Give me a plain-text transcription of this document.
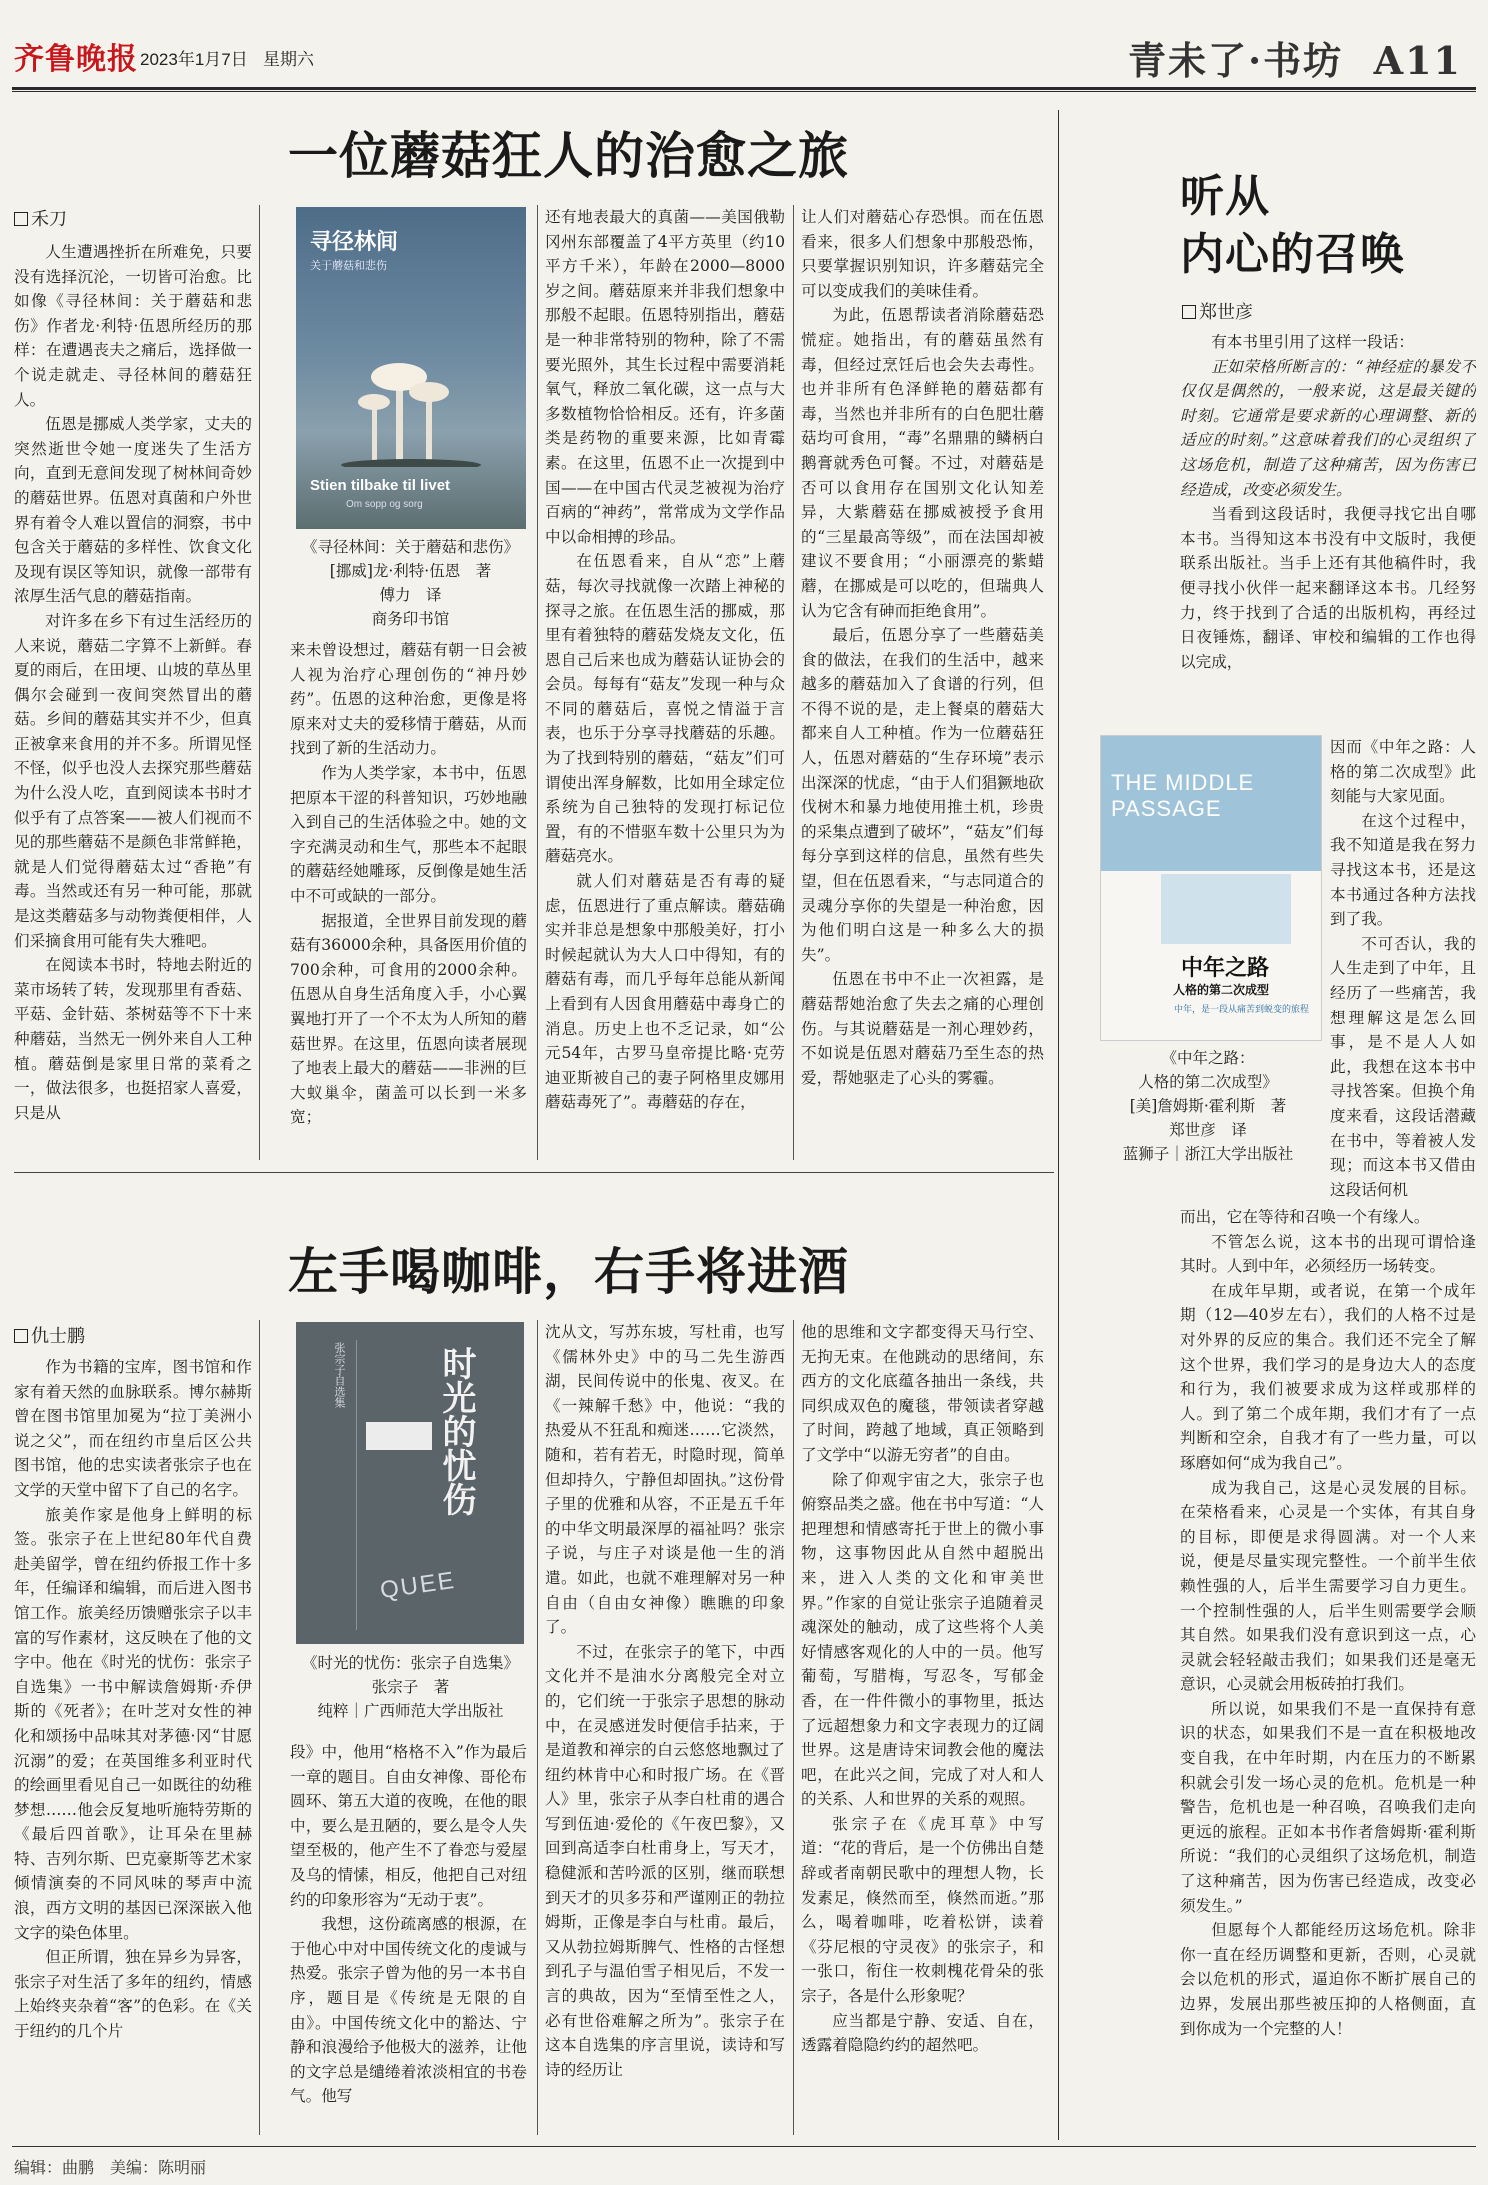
齐鲁晚报 2023年1月7日 星期六	青未了·书坊  A11
一位蘑菇狂人的治愈之旅
禾刀

人生遭遇挫折在所难免，只要没有选择沉沦，一切皆可治愈。比如像《寻径林间：关于蘑菇和悲伤》作者龙·利特·伍恩所经历的那样：在遭遇丧夫之痛后，选择做一个说走就走、寻径林间的蘑菇狂人。

伍恩是挪威人类学家，丈夫的突然逝世令她一度迷失了生活方向，直到无意间发现了树林间奇妙的蘑菇世界。伍恩对真菌和户外世界有着令人难以置信的洞察，书中包含关于蘑菇的多样性、饮食文化及现有误区等知识，就像一部带有浓厚生活气息的蘑菇指南。

对许多在乡下有过生活经历的人来说，蘑菇二字算不上新鲜。春夏的雨后，在田埂、山坡的草丛里偶尔会碰到一夜间突然冒出的蘑菇。乡间的蘑菇其实并不少，但真正被拿来食用的并不多。所谓见怪不怪，似乎也没人去探究那些蘑菇为什么没人吃，直到阅读本书时才似乎有了点答案——被人们视而不见的那些蘑菇不是颜色非常鲜艳，就是人们觉得蘑菇太过“香艳”有毒。当然或还有另一种可能，那就是这类蘑菇多与动物粪便相伴，人们采摘食用可能有失大雅吧。

在阅读本书时，特地去附近的菜市场转了转，发现那里有香菇、平菇、金针菇、茶树菇等不下十来种蘑菇，当然无一例外来自人工种植。蘑菇倒是家里日常的菜肴之一，做法很多，也挺招家人喜爱，只是从

寻径林间
关于蘑菇和悲伤
Stien tilbake til livet
Om sopp og sorg
《寻径林间：关于蘑菇和悲伤》
[挪威]龙·利特·伍恩　著
傅力　译
商务印书馆

来未曾设想过，蘑菇有朝一日会被人视为治疗心理创伤的“神丹妙药”。伍恩的这种治愈，更像是将原来对丈夫的爱移情于蘑菇，从而找到了新的生活动力。

作为人类学家，本书中，伍恩把原本干涩的科普知识，巧妙地融入到自己的生活体验之中。她的文字充满灵动和生气，那些本不起眼的蘑菇经她雕琢，反倒像是她生活中不可或缺的一部分。

据报道，全世界目前发现的蘑菇有36000余种，具备医用价值的700余种，可食用的2000余种。伍恩从自身生活角度入手，小心翼翼地打开了一个不太为人所知的蘑菇世界。在这里，伍恩向读者展现了地表上最大的蘑菇——非洲的巨大蚁巢伞，菌盖可以长到一米多宽；

还有地表最大的真菌——美国俄勒冈州东部覆盖了4平方英里（约10平方千米），年龄在2000—8000岁之间。蘑菇原来并非我们想象中那般不起眼。伍恩特别指出，蘑菇是一种非常特别的物种，除了不需要光照外，其生长过程中需要消耗氧气，释放二氧化碳，这一点与大多数植物恰恰相反。还有，许多菌类是药物的重要来源，比如青霉素。在这里，伍恩不止一次提到中国——在中国古代灵芝被视为治疗百病的“神药”，常常成为文学作品中以命相搏的珍品。

在伍恩看来，自从“恋”上蘑菇，每次寻找就像一次踏上神秘的探寻之旅。在伍恩生活的挪威，那里有着独特的蘑菇发烧友文化，伍恩自己后来也成为蘑菇认证协会的会员。每每有“菇友”发现一种与众不同的蘑菇后，喜悦之情溢于言表，也乐于分享寻找蘑菇的乐趣。为了找到特别的蘑菇，“菇友”们可谓使出浑身解数，比如用全球定位系统为自己独特的发现打标记位置，有的不惜驱车数十公里只为为蘑菇亮水。

就人们对蘑菇是否有毒的疑虑，伍恩进行了重点解读。蘑菇确实并非总是想象中那般美好，打小时候起就认为大人口中得知，有的蘑菇有毒，而几乎每年总能从新闻上看到有人因食用蘑菇中毒身亡的消息。历史上也不乏记录，如“公元54年，古罗马皇帝提比略·克劳迪亚斯被自己的妻子阿格里皮娜用蘑菇毒死了”。毒蘑菇的存在，

让人们对蘑菇心存恐惧。而在伍恩看来，很多人们想象中那般恐怖，只要掌握识别知识，许多蘑菇完全可以变成我们的美味佳肴。

为此，伍恩帮读者消除蘑菇恐慌症。她指出，有的蘑菇虽然有毒，但经过烹饪后也会失去毒性。也并非所有色泽鲜艳的蘑菇都有毒，当然也并非所有的白色肥壮蘑菇均可食用，“毒”名鼎鼎的鳞柄白鹅膏就秀色可餐。不过，对蘑菇是否可以食用存在国别文化认知差异，大紫蘑菇在挪威被授予食用的“三星最高等级”，而在法国却被建议不要食用；“小丽漂亮的紫蜡蘑，在挪威是可以吃的，但瑞典人认为它含有砷而拒绝食用”。

最后，伍恩分享了一些蘑菇美食的做法，在我们的生活中，越来越多的蘑菇加入了食谱的行列，但不得不说的是，走上餐桌的蘑菇大都来自人工种植。作为一位蘑菇狂人，伍恩对蘑菇的“生存环境”表示出深深的忧虑，“由于人们猖獗地砍伐树木和暴力地使用推土机，珍贵的采集点遭到了破坏”，“菇友”们每每分享到这样的信息，虽然有些失望，但在伍恩看来，“与志同道合的灵魂分享你的失望是一种治愈，因为他们明白这是一种多么大的损失”。

伍恩在书中不止一次袒露，是蘑菇帮她治愈了失去之痛的心理创伤。与其说蘑菇是一剂心理妙药，不如说是伍恩对蘑菇乃至生态的热爱，帮她驱走了心头的雾霾。

左手喝咖啡，右手将进酒
仇士鹏

作为书籍的宝库，图书馆和作家有着天然的血脉联系。博尔赫斯曾在图书馆里加冕为“拉丁美洲小说之父”，而在纽约市皇后区公共图书馆，他的忠实读者张宗子也在文学的天堂中留下了自己的名字。

旅美作家是他身上鲜明的标签。张宗子在上世纪80年代自费赴美留学，曾在纽约侨报工作十多年，任编译和编辑，而后进入图书馆工作。旅美经历馈赠张宗子以丰富的写作素材，这反映在了他的文字中。他在《时光的忧伤：张宗子自选集》一书中解读詹姆斯·乔伊斯的《死者》；在叶芝对女性的神化和颂扬中品味其对茅德·冈“甘愿沉溺”的爱；在英国维多利亚时代的绘画里看见自己一如既往的幼稚梦想……他会反复地听施特劳斯的《最后四首歌》，让耳朵在里赫特、吉列尔斯、巴克豪斯等艺术家倾情演奏的不同风味的琴声中流浪，西方文明的基因已深深嵌入他文字的染色体里。

但正所谓，独在异乡为异客，张宗子对生活了多年的纽约，情感上始终夹杂着“客”的色彩。在《关于纽约的几个片

张宗子自选集	时光的忧伤
QUEE
《时光的忧伤：张宗子自选集》
张宗子　著
纯粹｜广西师范大学出版社

段》中，他用“格格不入”作为最后一章的题目。自由女神像、哥伦布圆环、第五大道的夜晚，在他的眼中，要么是丑陋的，要么是令人失望至极的，他产生不了眷恋与爱屋及乌的情愫，相反，他把自己对纽约的印象形容为“无动于衷”。

我想，这份疏离感的根源，在于他心中对中国传统文化的虔诚与热爱。张宗子曾为他的另一本书自序，题目是《传统是无限的自由》。中国传统文化中的豁达、宁静和浪漫给予他极大的滋养，让他的文字总是缱绻着浓淡相宜的书卷气。他写

沈从文，写苏东坡，写杜甫，也写《儒林外史》中的马二先生游西湖，民间传说中的伥鬼、夜叉。在《一辣解千愁》中，他说：“我的热爱从不狂乱和痴迷……它淡然，随和，若有若无，时隐时现，简单但却持久，宁静但却固执。”这份骨子里的优雅和从容，不正是五千年的中华文明最深厚的福祉吗？张宗子说，与庄子对谈是他一生的消遣。如此，也就不难理解对另一种自由（自由女神像）瞧瞧的印象了。

不过，在张宗子的笔下，中西文化并不是油水分离般完全对立的，它们统一于张宗子思想的脉动中，在灵感迸发时便信手拈来，于是道教和禅宗的白云悠悠地飘过了纽约林肯中心和时报广场。在《晋人》里，张宗子从李白杜甫的遇合写到伍迪·爱伦的《午夜巴黎》，又回到高适李白杜甫身上，写天才，稳健派和苦吟派的区别，继而联想到天才的贝多芬和严谨刚正的勃拉姆斯，正像是李白与杜甫。最后，又从勃拉姆斯脾气、性格的古怪想到孔子与温伯雪子相见后，不发一言的典故，因为“至情至性之人，必有世俗难解之所为”。张宗子在这本自选集的序言里说，读诗和写诗的经历让

他的思维和文字都变得天马行空、无拘无束。在他跳动的思绪间，东西方的文化底蕴各抽出一条线，共同织成双色的魔毯，带领读者穿越了时间，跨越了地域，真正领略到了文学中“以游无穷者”的自由。

除了仰观宇宙之大，张宗子也俯察品类之盛。他在书中写道：“人把理想和情感寄托于世上的微小事物，这事物因此从自然中超脱出来，进入人类的文化和审美世界。”作家的自觉让张宗子追随着灵魂深处的触动，成了这些将个人美好情感客观化的人中的一员。他写葡萄，写腊梅，写忍冬，写郁金香，在一件件微小的事物里，抵达了远超想象力和文字表现力的辽阔世界。这是唐诗宋词教会他的魔法吧，在此兴之间，完成了对人和人的关系、人和世界的关系的观照。

张宗子在《虎耳草》中写道：“花的背后，是一个仿佛出自楚辞或者南朝民歌中的理想人物，长发素足，倏然而至，倏然而逝。”那么，喝着咖啡，吃着松饼，读着《芬尼根的守灵夜》的张宗子，和一张口，衔住一枚刺槐花骨朵的张宗子，各是什么形象呢？

应当都是宁静、安适、自在，透露着隐隐约约的超然吧。

听从
内心的召唤
郑世彦

有本书里引用了这样一段话：

正如荣格所断言的：“神经症的暴发不仅仅是偶然的，一般来说，这是最关键的时刻。它通常是要求新的心理调整、新的适应的时刻。”这意味着我们的心灵组织了这场危机，制造了这种痛苦，因为伤害已经造成，改变必须发生。

当看到这段话时，我便寻找它出自哪本书。当得知这本书没有中文版时，我便联系出版社。当手上还有其他稿件时，我便寻找小伙伴一起来翻译这本书。几经努力，终于找到了合适的出版机构，再经过日夜锤炼，翻译、审校和编辑的工作也得以完成，

THE MIDDLE
PASSAGE
中年之路
人格的第二次成型
中年，是一段从痛苦到蜕变的旅程
《中年之路：
人格的第二次成型》
[美]詹姆斯·霍利斯　著
郑世彦　译
蓝狮子｜浙江大学出版社

因而《中年之路：人格的第二次成型》此刻能与大家见面。

在这个过程中，我不知道是我在努力寻找这本书，还是这本书通过各种方法找到了我。

不可否认，我的人生走到了中年，且经历了一些痛苦，我想理解这是怎么回事，是不是人人如此，我想在这本书中寻找答案。但换个角度来看，这段话潜藏在书中，等着被人发现；而这本书又借由这段话何机

而出，它在等待和召唤一个有缘人。

不管怎么说，这本书的出现可谓恰逢其时。人到中年，必须经历一场转变。

在成年早期，或者说，在第一个成年期（12—40岁左右），我们的人格不过是对外界的反应的集合。我们还不完全了解这个世界，我们学习的是身边大人的态度和行为，我们被要求成为这样或那样的人。到了第二个成年期，我们才有了一点判断和空余，自我才有了一些力量，可以琢磨如何“成为我自己”。

成为我自己，这是心灵发展的目标。在荣格看来，心灵是一个实体，有其自身的目标，即便是求得圆满。对一个人来说，便是尽量实现完整性。一个前半生依赖性强的人，后半生需要学习自力更生。一个控制性强的人，后半生则需要学会顺其自然。如果我们没有意识到这一点，心灵就会轻轻敲击我们；如果我们还是毫无意识，心灵就会用板砖拍打我们。

所以说，如果我们不是一直保持有意识的状态，如果我们不是一直在积极地改变自我，在中年时期，内在压力的不断累积就会引发一场心灵的危机。危机是一种警告，危机也是一种召唤，召唤我们走向更远的旅程。正如本书作者詹姆斯·霍利斯所说：“我们的心灵组织了这场危机，制造了这种痛苦，因为伤害已经造成，改变必须发生。”

但愿每个人都能经历这场危机。除非你一直在经历调整和更新，否则，心灵就会以危机的形式，逼迫你不断扩展自己的边界，发展出那些被压抑的人格侧面，直到你成为一个完整的人！

编辑：曲鹏　美编：陈明丽
